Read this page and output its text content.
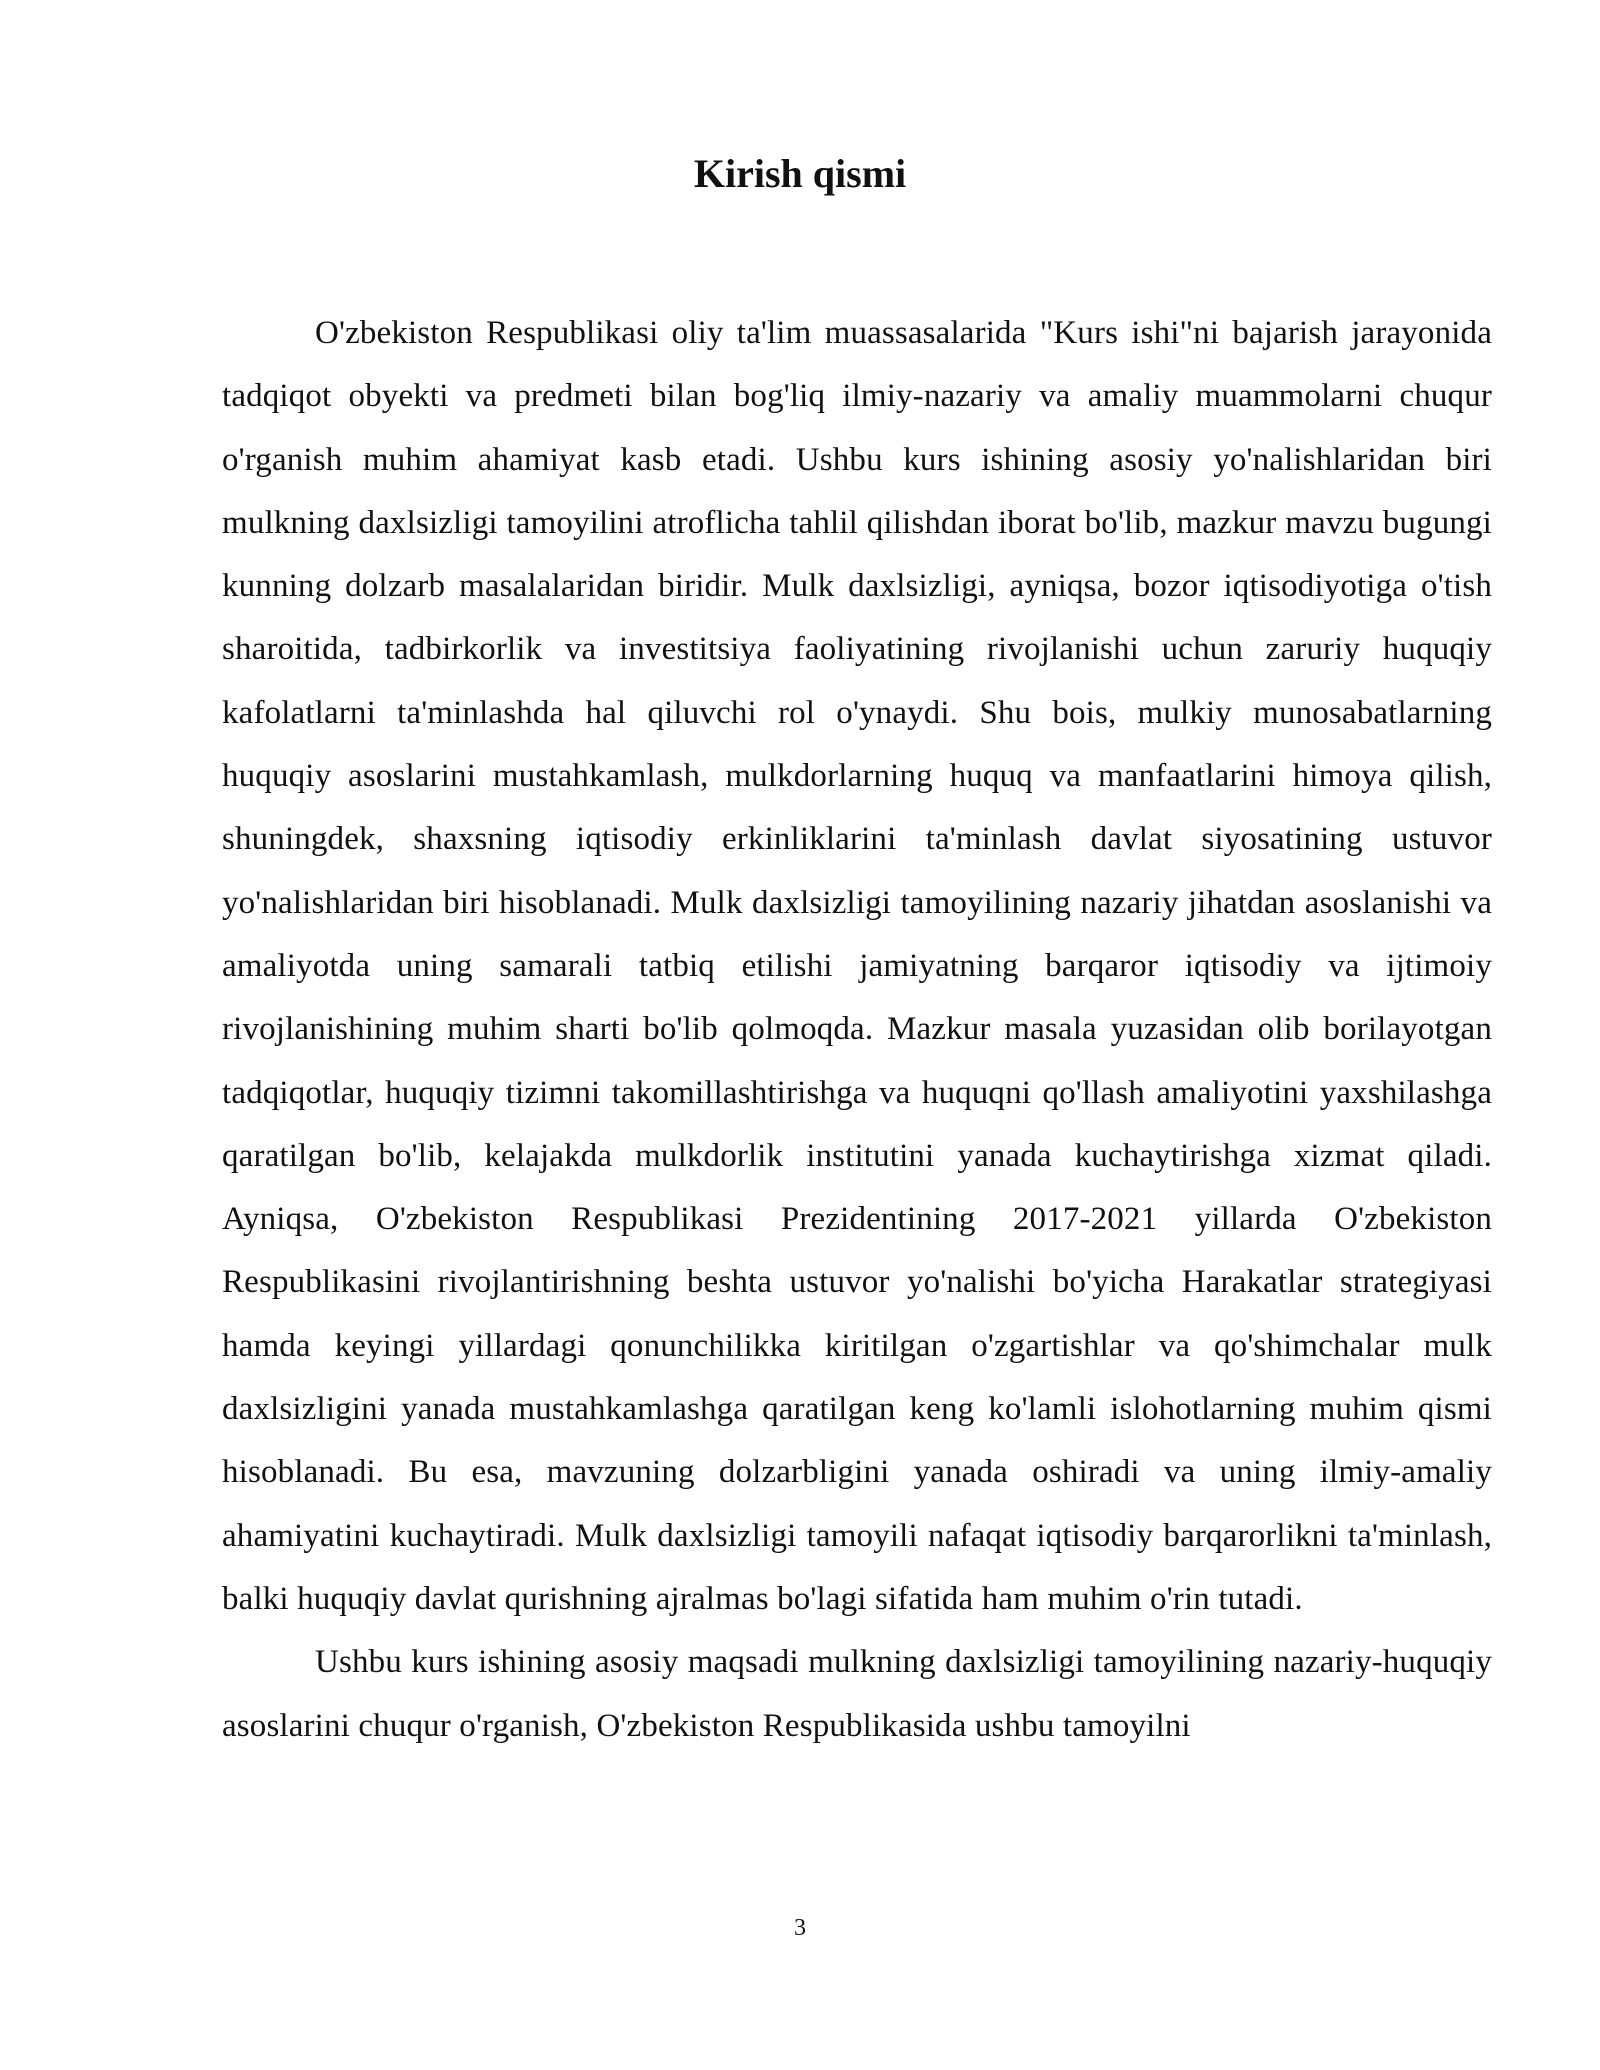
Kirish qismi

O'zbekiston Respublikasi oliy ta'lim muassasalarida "Kurs ishi"ni bajarish jarayonida tadqiqot obyekti va predmeti bilan bog'liq ilmiy-nazariy va amaliy muammolarni chuqur o'rganish muhim ahamiyat kasb etadi. Ushbu kurs ishining asosiy yo'nalishlaridan biri mulkning daxlsizligi tamoyilini atroflicha tahlil qilishdan iborat bo'lib, mazkur mavzu bugungi kunning dolzarb masalalaridan biridir. Mulk daxlsizligi, ayniqsa, bozor iqtisodiyotiga o'tish sharoitida, tadbirkorlik va investitsiya faoliyatining rivojlanishi uchun zaruriy huquqiy kafolatlarni ta'minlashda hal qiluvchi rol o'ynaydi. Shu bois, mulkiy munosabatlarning huquqiy asoslarini mustahkamlash, mulkdorlarning huquq va manfaatlarini himoya qilish, shuningdek, shaxsning iqtisodiy erkinliklarini ta'minlash davlat siyosatining ustuvor yo'nalishlaridan biri hisoblanadi. Mulk daxlsizligi tamoyilining nazariy jihatdan asoslanishi va amaliyotda uning samarali tatbiq etilishi jamiyatning barqaror iqtisodiy va ijtimoiy rivojlanishining muhim sharti bo'lib qolmoqda. Mazkur masala yuzasidan olib borilayotgan tadqiqotlar, huquqiy tizimni takomillashtirishga va huquqni qo'llash amaliyotini yaxshilashga qaratilgan bo'lib, kelajakda mulkdorlik institutini yanada kuchaytirishga xizmat qiladi. Ayniqsa, O'zbekiston Respublikasi Prezidentining 2017-2021 yillarda O'zbekiston Respublikasini rivojlantirishning beshta ustuvor yo'nalishi bo'yicha Harakatlar strategiyasi hamda keyingi yillardagi qonunchilikka kiritilgan o'zgartishlar va qo'shimchalar mulk daxlsizligini yanada mustahkamlashga qaratilgan keng ko'lamli islohotlarning muhim qismi hisoblanadi. Bu esa, mavzuning dolzarbligini yanada oshiradi va uning ilmiy-amaliy ahamiyatini kuchaytiradi. Mulk daxlsizligi tamoyili nafaqat iqtisodiy barqarorlikni ta'minlash, balki huquqiy davlat qurishning ajralmas bo'lagi sifatida ham muhim o'rin tutadi.

Ushbu kurs ishining asosiy maqsadi mulkning daxlsizligi tamoyilining nazariy-huquqiy asoslarini chuqur o'rganish, O'zbekiston Respublikasida ushbu tamoyilni

3
